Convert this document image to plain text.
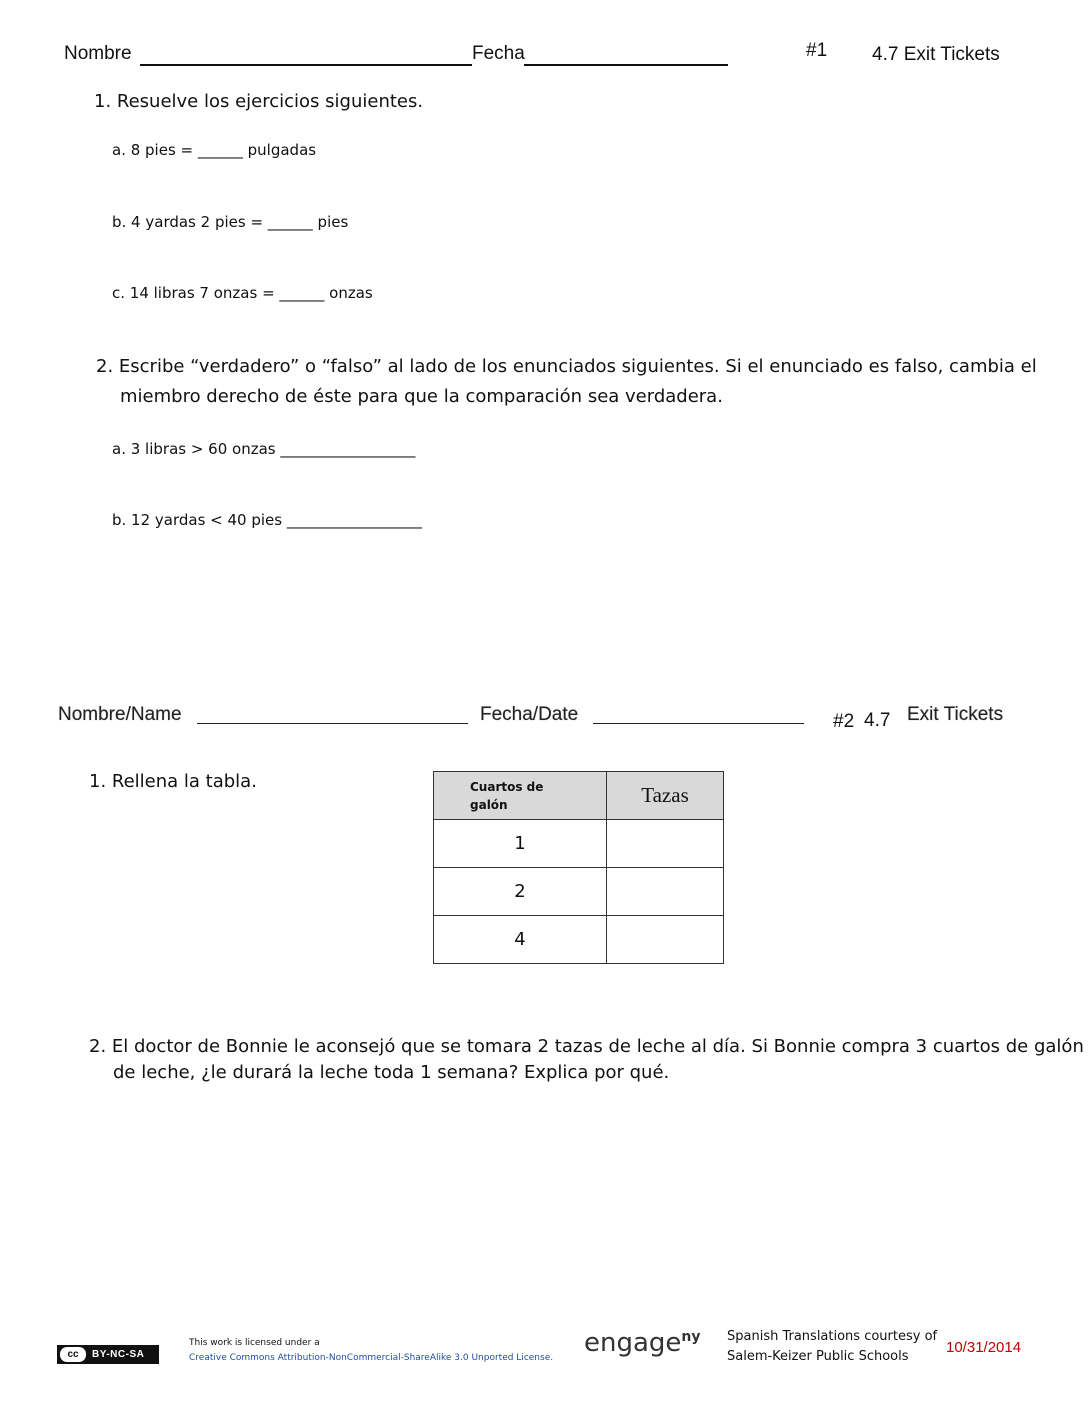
Nombre	Fecha	#1 4.7 Exit Tickets
1. Resuelve los ejercicios siguientes.
a. 8 pies = ______ pulgadas
b. 4 yardas 2 pies = ______ pies
c. 14 libras 7 onzas = ______ onzas
2. Escribe “verdadero” o “falso” al lado de los enunciados siguientes. Si el enunciado es falso, cambia el
miembro derecho de éste para que la comparación sea verdadera.
a. 3 libras > 60 onzas __________________
b. 12 yardas < 40 pies __________________
Nombre/Name	Fecha/Date	#2 4.7 Exit Tickets
1. Rellena la tabla.	Cuartos de
galón	Tazas
1	
2	
4	
2. El doctor de Bonnie le aconsejó que se tomara 2 tazas de leche al día. Si Bonnie compra 3 cuartos de galón
de leche, ¿le durará la leche toda 1 semana? Explica por qué.
cc	BY-NC-SA
This work is licensed under a
Creative Commons Attribution-NonCommercial-ShareAlike 3.0 Unported License. engage$^{ny}$ Spanish Translations courtesy of
Salem-Keizer Public Schools
10/31/2014
